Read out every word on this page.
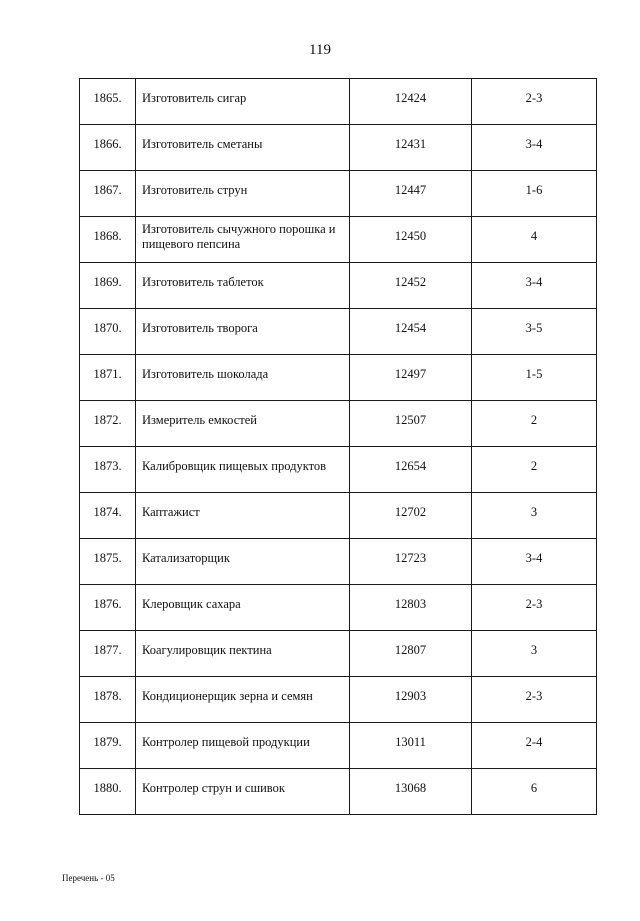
119
1865.	Изготовитель сигар	12424	2-3

1866.	Изготовитель сметаны	12431	3-4

1867.	Изготовитель струн	12447	1-6

1868.	Изготовитель сычужного порошка и пищевого пепсина	12450	4

1869.	Изготовитель таблеток	12452	3-4

1870.	Изготовитель творога	12454	3-5

1871.	Изготовитель шоколада	12497	1-5

1872.	Измеритель емкостей	12507	2

1873.	Калибровщик пищевых продуктов	12654	2

1874.	Каптажист	12702	3

1875.	Катализаторщик	12723	3-4

1876.	Клеровщик сахара	12803	2-3

1877.	Коагулировщик пектина	12807	3

1878.	Кондиционерщик зерна и семян	12903	2-3

1879.	Контролер пищевой продукции	13011	2-4

1880.	Контролер струн и сшивок	13068	6
Перечень - 05
